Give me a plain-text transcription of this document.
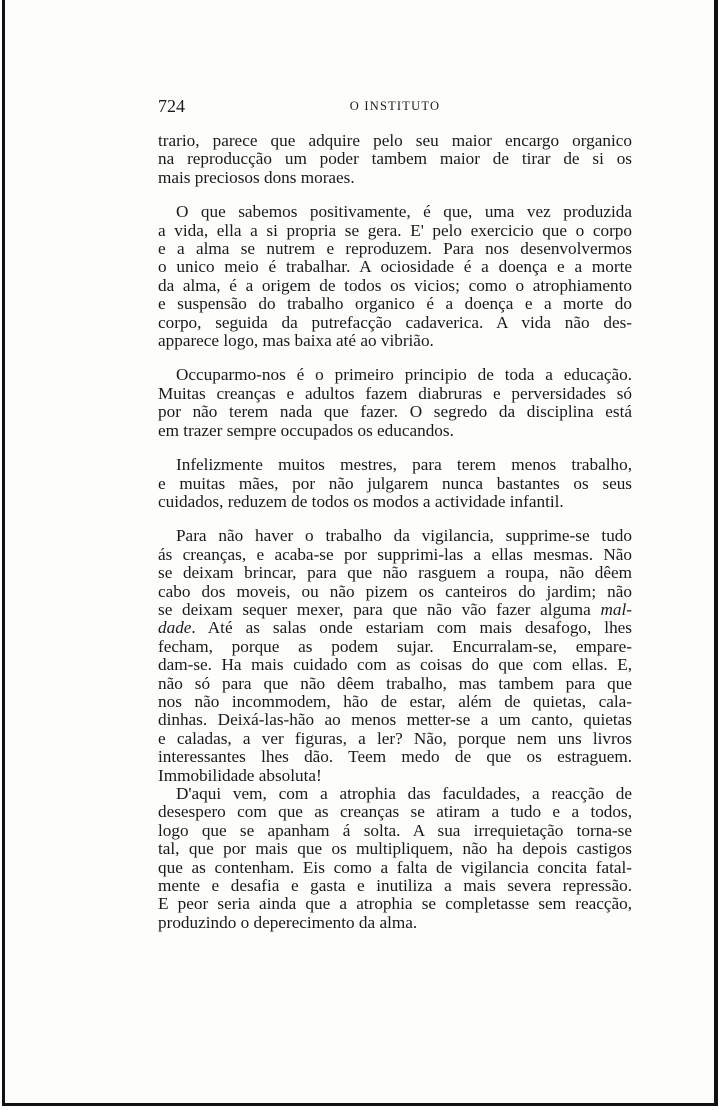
724	O INSTITUTO

trario, parece que adquire pelo seu maior encargo organico
na reproducção um poder tambem maior de tirar de si os
mais preciosos dons moraes.

O que sabemos positivamente, é que, uma vez produzida
a vida, ella a si propria se gera. E' pelo exercicio que o corpo
e a alma se nutrem e reproduzem. Para nos desenvolvermos
o unico meio é trabalhar. A ociosidade é a doença e a morte
da alma, é a origem de todos os vicios; como o atrophiamento
e suspensão do trabalho organico é a doença e a morte do
corpo, seguida da putrefacção cadaverica. A vida não des-
apparece logo, mas baixa até ao vibrião.

Occuparmo-nos é o primeiro principio de toda a educação.
Muitas creanças e adultos fazem diabruras e perversidades só
por não terem nada que fazer. O segredo da disciplina está
em trazer sempre occupados os educandos.

Infelizmente muitos mestres, para terem menos trabalho,
e muitas mães, por não julgarem nunca bastantes os seus
cuidados, reduzem de todos os modos a actividade infantil.

Para não haver o trabalho da vigilancia, supprime-se tudo
ás creanças, e acaba-se por supprimi-las a ellas mesmas. Não
se deixam brincar, para que não rasguem a roupa, não dêem
cabo dos moveis, ou não pizem os canteiros do jardim; não
se deixam sequer mexer, para que não vão fazer alguma mal-
dade. Até as salas onde estariam com mais desafogo, lhes
fecham, porque as podem sujar. Encurralam-se, empare-
dam-se. Ha mais cuidado com as coisas do que com ellas. E,
não só para que não dêem trabalho, mas tambem para que
nos não incommodem, hão de estar, além de quietas, cala-
dinhas. Deixá-las-hão ao menos metter-se a um canto, quietas
e caladas, a ver figuras, a ler? Não, porque nem uns livros
interessantes lhes dão. Teem medo de que os estraguem.
Immobilidade absoluta!

D'aqui vem, com a atrophia das faculdades, a reacção de
desespero com que as creanças se atiram a tudo e a todos,
logo que se apanham á solta. A sua irrequietação torna-se
tal, que por mais que os multipliquem, não ha depois castigos
que as contenham. Eis como a falta de vigilancia concita fatal-
mente e desafia e gasta e inutiliza a mais severa repressão.
E peor seria ainda que a atrophia se completasse sem reacção,
produzindo o deperecimento da alma.
